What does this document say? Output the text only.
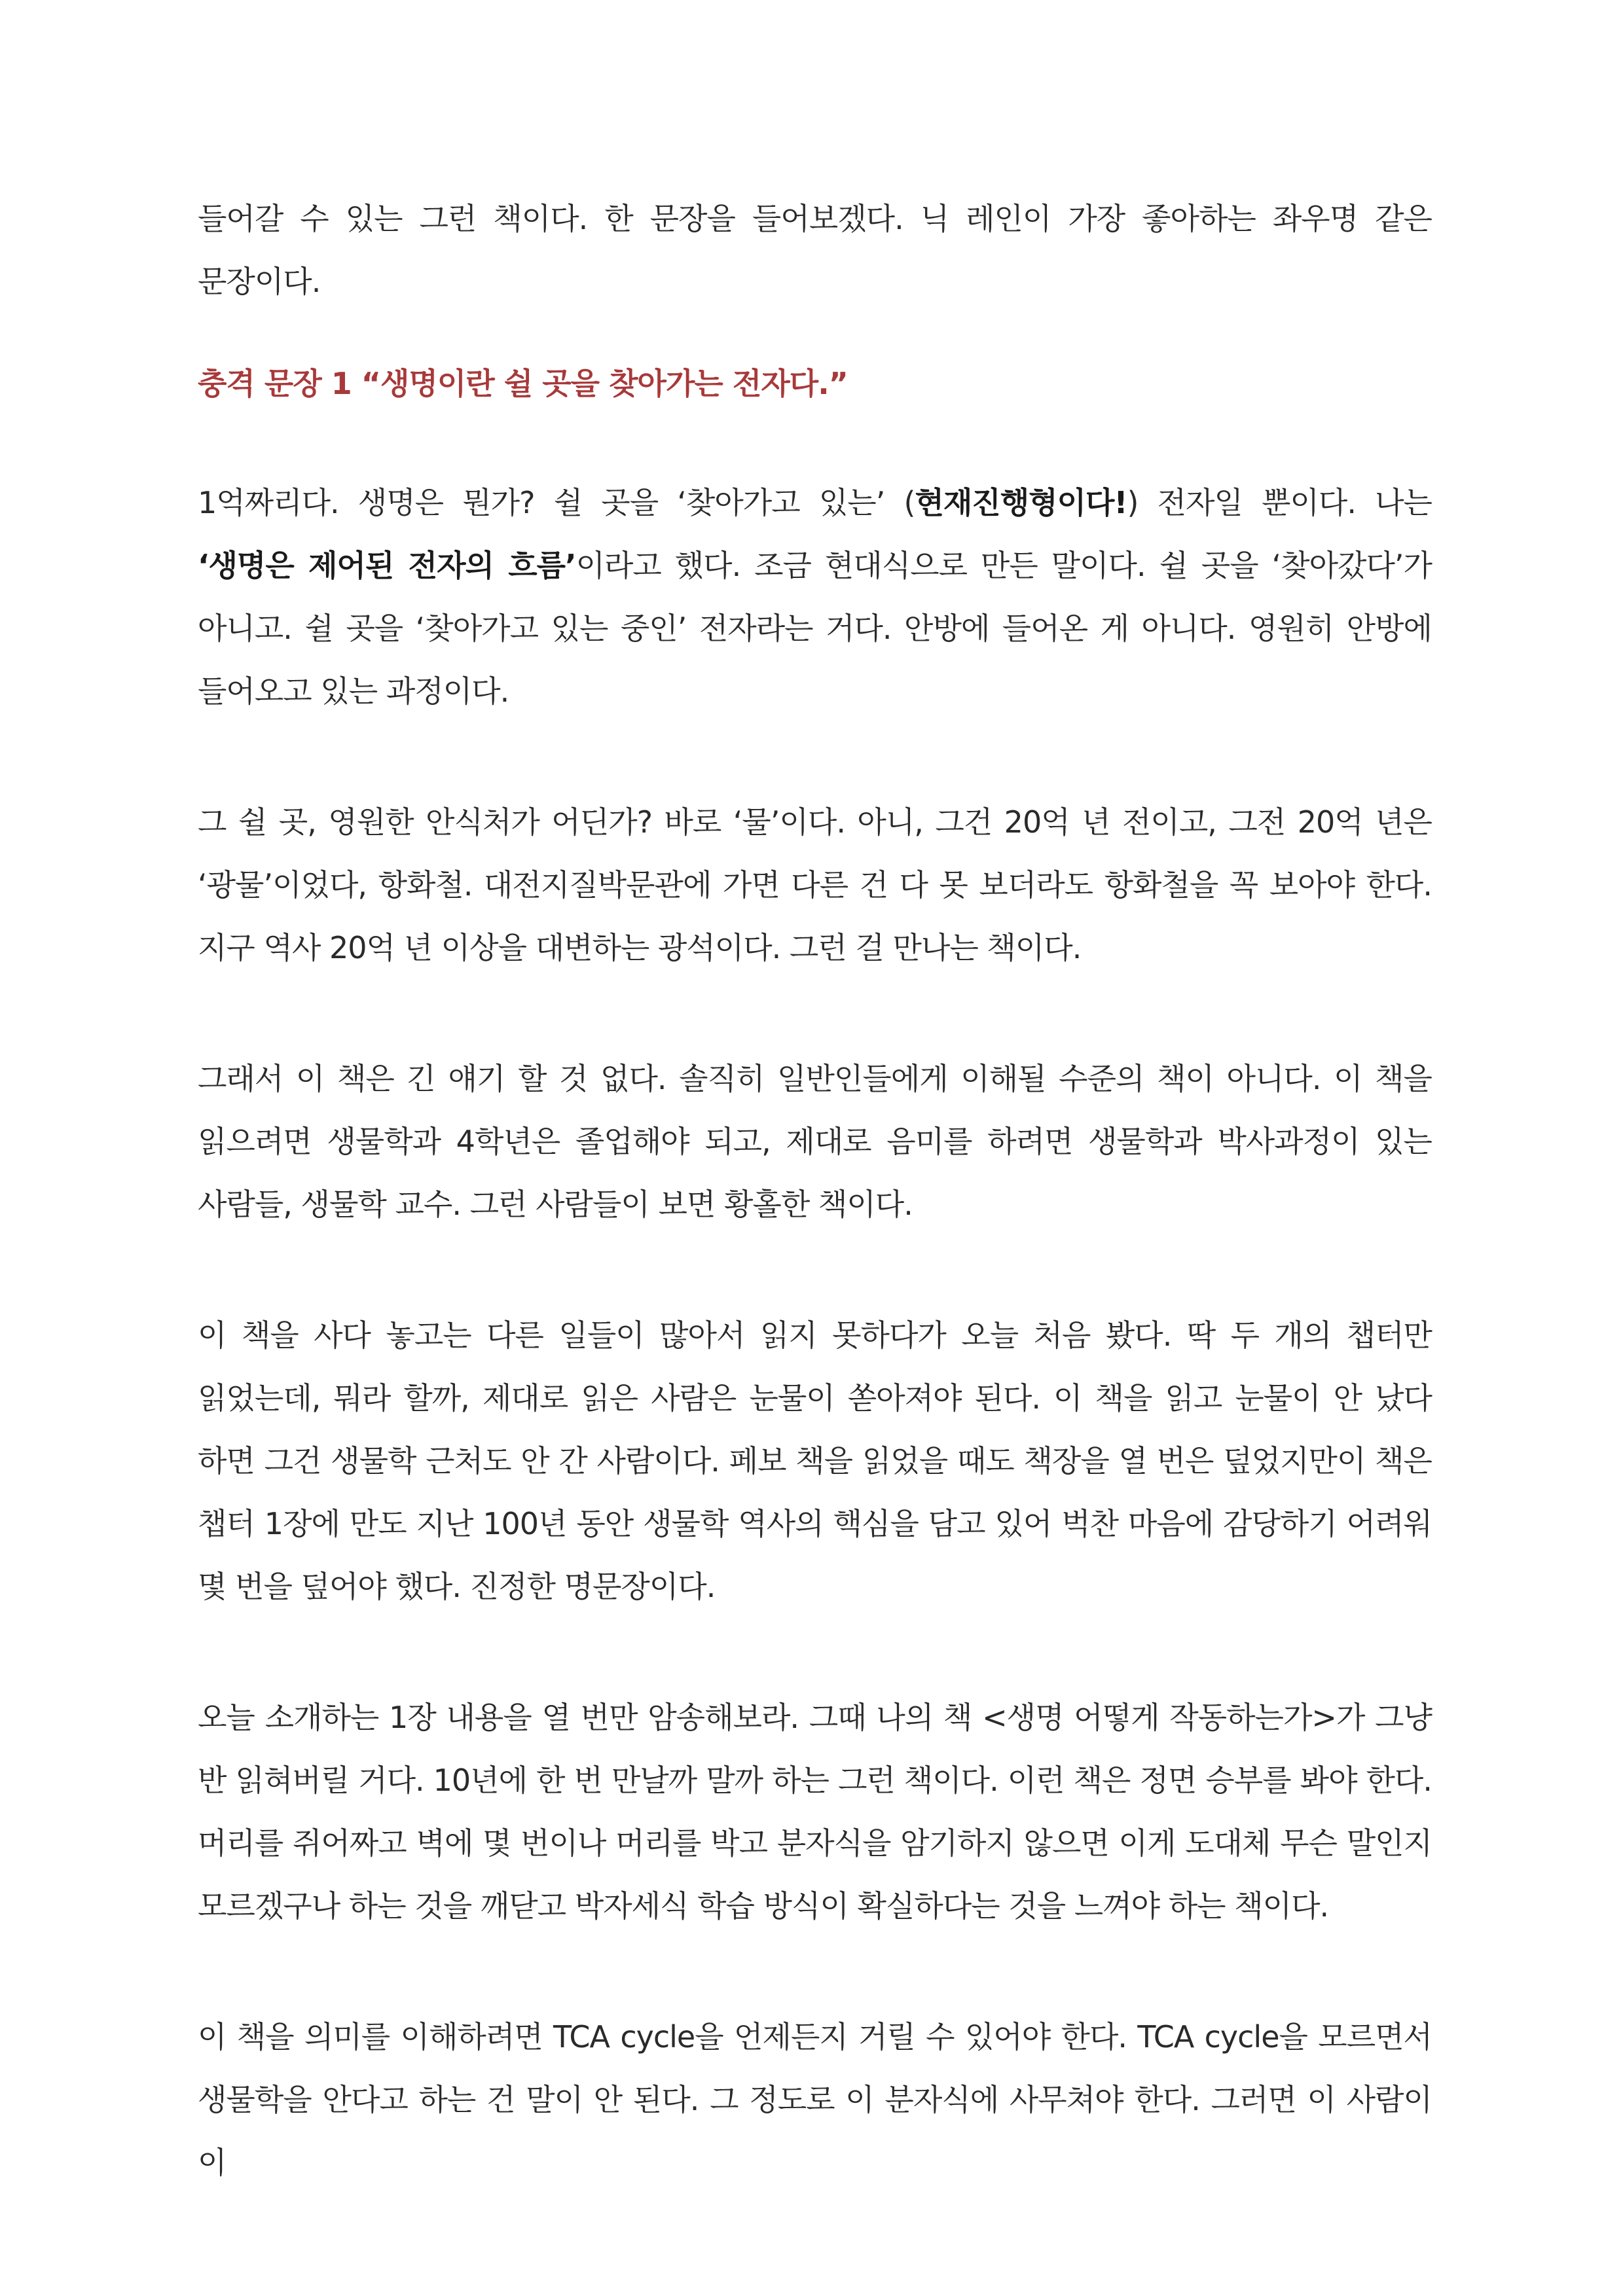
들어갈 수 있는 그런 책이다. 한 문장을 들어보겠다. 닉 레인이 가장 좋아하는 좌우명 같은 문장이다.

충격 문장 1 “생명이란 쉴 곳을 찾아가는 전자다.”

1억짜리다. 생명은 뭔가? 쉴 곳을 ‘찾아가고 있는’ (현재진행형이다!) 전자일 뿐이다. 나는 ‘생명은 제어된 전자의 흐름’이라고 했다. 조금 현대식으로 만든 말이다. 쉴 곳을 ‘찾아갔다’가 아니고. 쉴 곳을 ‘찾아가고 있는 중인’ 전자라는 거다. 안방에 들어온 게 아니다. 영원히 안방에 들어오고 있는 과정이다.

그 쉴 곳, 영원한 안식처가 어딘가? 바로 ‘물’이다. 아니, 그건 20억 년 전이고, 그전 20억 년은 ‘광물’이었다, 항화철. 대전지질박문관에 가면 다른 건 다 못 보더라도 항화철을 꼭 보아야 한다. 지구 역사 20억 년 이상을 대변하는 광석이다. 그런 걸 만나는 책이다.

그래서 이 책은 긴 얘기 할 것 없다. 솔직히 일반인들에게 이해될 수준의 책이 아니다. 이 책을 읽으려면 생물학과 4학년은 졸업해야 되고, 제대로 음미를 하려면 생물학과 박사과정이 있는 사람들, 생물학 교수. 그런 사람들이 보면 황홀한 책이다.

이 책을 사다 놓고는 다른 일들이 많아서 읽지 못하다가 오늘 처음 봤다. 딱 두 개의 챕터만 읽었는데, 뭐라 할까, 제대로 읽은 사람은 눈물이 쏟아져야 된다. 이 책을 읽고 눈물이 안 났다 하면 그건 생물학 근처도 안 간 사람이다. 페보 책을 읽었을 때도 책장을 열 번은 덮었지만이 책은 챕터 1장에 만도 지난 100년 동안 생물학 역사의 핵심을 담고 있어 벅찬 마음에 감당하기 어려워 몇 번을 덮어야 했다. 진정한 명문장이다.

오늘 소개하는 1장 내용을 열 번만 암송해보라. 그때 나의 책 <생명 어떻게 작동하는가>가 그냥 반 읽혀버릴 거다. 10년에 한 번 만날까 말까 하는 그런 책이다. 이런 책은 정면 승부를 봐야 한다. 머리를 쥐어짜고 벽에 몇 번이나 머리를 박고 분자식을 암기하지 않으면 이게 도대체 무슨 말인지 모르겠구나 하는 것을 깨닫고 박자세식 학습 방식이 확실하다는 것을 느껴야 하는 책이다.

이 책을 의미를 이해하려면 TCA cycle을 언제든지 거릴 수 있어야 한다. TCA cycle을 모르면서 생물학을 안다고 하는 건 말이 안 된다. 그 정도로 이 분자식에 사무쳐야 한다. 그러면 이 사람이 이
